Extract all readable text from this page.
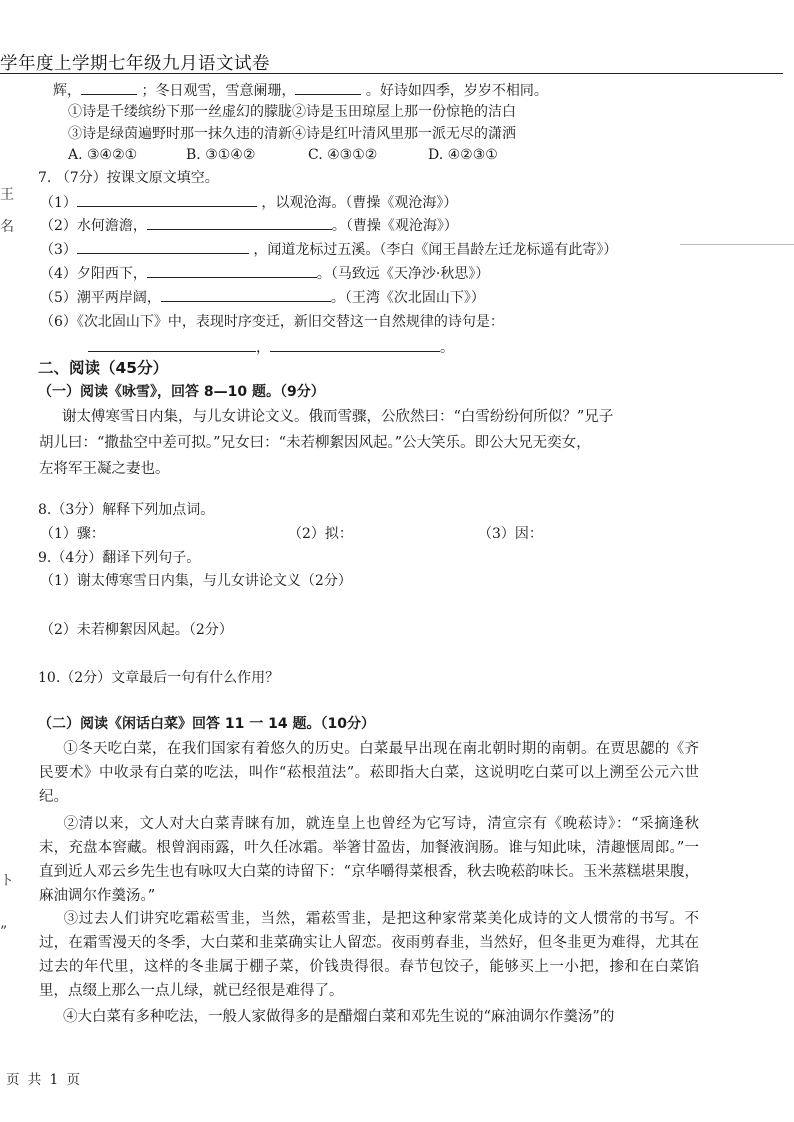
学年度上学期七年级九月语文试卷
王
名
ト
”
辉，	；冬日观雪，雪意阑珊，	。好诗如四季，岁岁不相同。
①诗是千缕缤纷下那一丝虚幻的朦胧②诗是玉田琼屋上那一份惊艳的洁白
③诗是绿茵遍野时那一抹久违的清新④诗是红叶清风里那一派无尽的潇洒
A. ③④②①	B. ③①④②	C. ④③①②	D. ④②③①
7. （7分）按课文原文填空。
（1）	，以观沧海。（曹操《观沧海》）
（2）水何澹澹，	。（曹操《观沧海》）
（3）	，闻道龙标过五溪。（李白《闻王昌龄左迁龙标遥有此寄》）
（4）夕阳西下，	。（马致远《天净沙·秋思》）
（5）潮平两岸阔，	。（王湾《次北固山下》）
（6）《次北固山下》中，表现时序变迁，新旧交替这一自然规律的诗句是：
，	。
二、阅读（45分）
（一）阅读《咏雪》，回答 8—10 题。（9分）
谢太傅寒雪日内集，与儿女讲论文义。俄而雪骤，公欣然曰：“白雪纷纷何所似？”兄子
胡儿曰：“撒盐空中差可拟。”兄女曰：“未若柳絮因风起。”公大笑乐。即公大兄无奕女，
左将军王凝之妻也。
8.（3分）解释下列加点词。
（1）骤：	（2）拟：	（3）因：
9.（4分）翻译下列句子。
（1）谢太傅寒雪日内集，与儿女讲论文义（2分）
（2）未若柳絮因风起。（2分）
10.（2分）文章最后一句有什么作用？
（二）阅读《闲话白菜》回答 11 一 14 题。（10分）
①冬天吃白菜，在我们国家有着悠久的历史。白菜最早出现在南北朝时期的南朝。在贾思勰的《齐民要术》中收录有白菜的吃法，叫作“菘根菹法”。菘即指大白菜，这说明吃白菜可以上溯至公元六世纪。
②清以来，文人对大白菜青睐有加，就连皇上也曾经为它写诗，清宣宗有《晚菘诗》：“采摘逢秋末，充盘本窖藏。根曾润雨露，叶久任冰霜。举箸甘盈齿，加餐液润肠。谁与知此味，清趣惬周郎。”一直到近人邓云乡先生也有咏叹大白菜的诗留下：“京华嚼得菜根香，秋去晚菘韵味长。玉米蒸糕堪果腹，麻油调尔作羹汤。”
③过去人们讲究吃霜菘雪韭，当然，霜菘雪韭，是把这种家常菜美化成诗的文人惯常的书写。不过，在霜雪漫天的冬季，大白菜和韭菜确实让人留恋。夜雨剪春韭，当然好，但冬韭更为难得，尤其在过去的年代里，这样的冬韭属于棚子菜，价钱贵得很。春节包饺子，能够买上一小把，掺和在白菜馅里，点缀上那么一点儿绿，就已经很是难得了。
④大白菜有多种吃法，一般人家做得多的是醋熘白菜和邓先生说的“麻油调尔作羹汤”的
页 共 1 页
